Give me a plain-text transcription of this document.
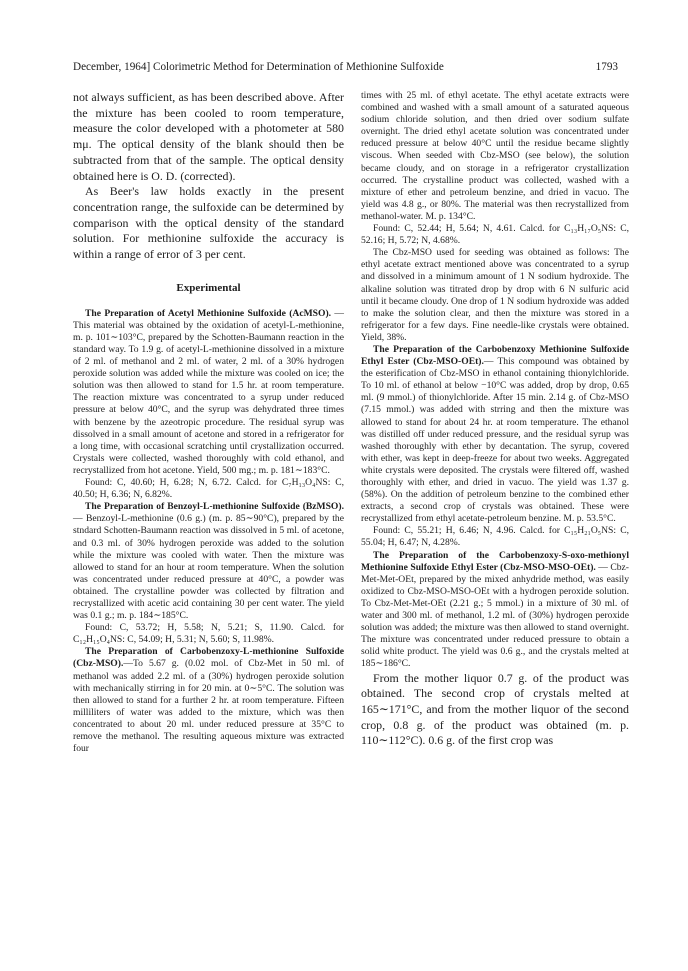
December, 1964] Colorimetric Method for Determination of Methionine Sulfoxide	1793

not always sufficient, as has been described above. After the mixture has been cooled to room temperature, measure the color developed with a photometer at 580 mμ. The optical density of the blank should then be subtracted from that of the sample. The optical density obtained here is O. D. (corrected).

As Beer's law holds exactly in the present concentration range, the sulfoxide can be determined by comparison with the optical density of the standard solution. For methionine sulfoxide the accuracy is within a range of error of 3 per cent.

Experimental

The Preparation of Acetyl Methionine Sulfoxide (AcMSO). — This material was obtained by the oxidation of acetyl-L-methionine, m. p. 101∼103°C, prepared by the Schotten-Baumann reaction in the standard way. To 1.9 g. of acetyl-L-methionine dissolved in a mixture of 2 ml. of methanol and 2 ml. of water, 2 ml. of a 30% hydrogen peroxide solution was added while the mixture was cooled on ice; the solution was then allowed to stand for 1.5 hr. at room temperature. The reaction mixture was concentrated to a syrup under reduced pressure at below 40°C, and the syrup was dehydrated three times with benzene by the azeotropic procedure. The residual syrup was dissolved in a small amount of acetone and stored in a refrigerator for a long time, with occasional scratching until crystallization occurred. Crystals were collected, washed thoroughly with cold ethanol, and recrystallized from hot acetone. Yield, 500 mg.; m. p. 181∼183°C.

Found: C, 40.60; H, 6.28; N, 6.72. Calcd. for C₇H₁₃O₄NS: C, 40.50; H, 6.36; N, 6.82%.

The Preparation of Benzoyl-L-methionine Sulfoxide (BzMSO). — Benzoyl-L-methionine (0.6 g.) (m. p. 85∼90°C), prepared by the stndard Schotten-Baumann reaction was dissolved in 5 ml. of acetone, and 0.3 ml. of 30% hydrogen peroxide was added to the solution while the mixture was cooled with water. Then the mixture was allowed to stand for an hour at room temperature. When the solution was concentrated under reduced pressure at 40°C, a powder was obtained. The crystalline powder was collected by filtration and recrystallized with acetic acid containing 30 per cent water. The yield was 0.1 g.; m. p. 184∼185°C.

Found: C, 53.72; H, 5.58; N, 5.21; S, 11.90. Calcd. for C₁₂H₁₅O₄NS: C, 54.09; H, 5.31; N, 5.60; S, 11.98%.

The Preparation of Carbobenzoxy-L-methionine Sulfoxide (Cbz-MSO).—To 5.67 g. (0.02 mol. of Cbz-Met in 50 ml. of methanol was added 2.2 ml. of a (30%) hydrogen peroxide solution with mechanically stirring in for 20 min. at 0∼5°C. The solution was then allowed to stand for a further 2 hr. at room temperature. Fifteen milliliters of water was added to the mixture, which was then concentrated to about 20 ml. under reduced pressure at 35°C to remove the methanol. The resulting aqueous mixture was extracted four

times with 25 ml. of ethyl acetate. The ethyl acetate extracts were combined and washed with a small amount of a saturated aqueous sodium chloride solution, and then dried over sodium sulfate overnight. The dried ethyl acetate solution was concentrated under reduced pressure at below 40°C until the residue became slightly viscous. When seeded with Cbz-MSO (see below), the solution became cloudy, and on storage in a refrigerator crystallization occurred. The crystalline product was collected, washed with a mixture of ether and petroleum benzine, and dried in vacuo. The yield was 4.8 g., or 80%. The material was then recrystallized from methanol-water. M. p. 134°C.

Found: C, 52.44; H, 5.64; N, 4.61. Calcd. for C₁₃H₁₇O₅NS: C, 52.16; H, 5.72; N, 4.68%.

The Cbz-MSO used for seeding was obtained as follows: The ethyl acetate extract mentioned above was concentrated to a syrup and dissolved in a minimum amount of 1 N sodium hydroxide. The alkaline solution was titrated drop by drop with 6 N sulfuric acid until it became cloudy. One drop of 1 N sodium hydroxide was added to make the solution clear, and then the mixture was stored in a refrigerator for a few days. Fine needle-like crystals were obtained. Yield, 38%.

The Preparation of the Carbobenzoxy Methionine Sulfoxide Ethyl Ester (Cbz-MSO-OEt).— This compound was obtained by the esterification of Cbz-MSO in ethanol containing thionylchloride. To 10 ml. of ethanol at below −10°C was added, drop by drop, 0.65 ml. (9 mmol.) of thionylchloride. After 15 min. 2.14 g. of Cbz-MSO (7.15 mmol.) was added with strring and then the mixture was allowed to stand for about 24 hr. at room temperature. The ethanol was distilled off under reduced pressure, and the residual syrup was washed thoroughly with ether by decantation. The syrup, covered with ether, was kept in deep-freeze for about two weeks. Aggregated white crystals were deposited. The crystals were filtered off, washed thoroughly with ether, and dried in vacuo. The yield was 1.37 g. (58%). On the addition of petroleum benzine to the combined ether extracts, a second crop of crystals was obtained. These were recrystallized from ethyl acetate-petroleum benzine. M. p. 53.5°C.

Found: C, 55.21; H, 6.46; N, 4.96. Calcd. for C₁₅H₂₁O₅NS: C, 55.04; H, 6.47; N, 4.28%.

The Preparation of the Carbobenzoxy-S-oxo-methionyl Methionine Sulfoxide Ethyl Ester (Cbz-MSO-MSO-OEt). — Cbz-Met-Met-OEt, prepared by the mixed anhydride method, was easily oxidized to Cbz-MSO-MSO-OEt with a hydrogen peroxide solution. To Cbz-Met-Met-OEt (2.21 g.; 5 mmol.) in a mixture of 30 ml. of water and 300 ml. of methanol, 1.2 ml. of (30%) hydrogen peroxide solution was added; the mixture was then allowed to stand overnight. The mixture was concentrated under reduced pressure to obtain a solid white product. The yield was 0.6 g., and the crystals melted at 185∼186°C.

From the mother liquor 0.7 g. of the product was obtained. The second crop of crystals melted at 165∼171°C, and from the mother liquor of the second crop, 0.8 g. of the product was obtained (m. p. 110∼112°C). 0.6 g. of the first crop was
